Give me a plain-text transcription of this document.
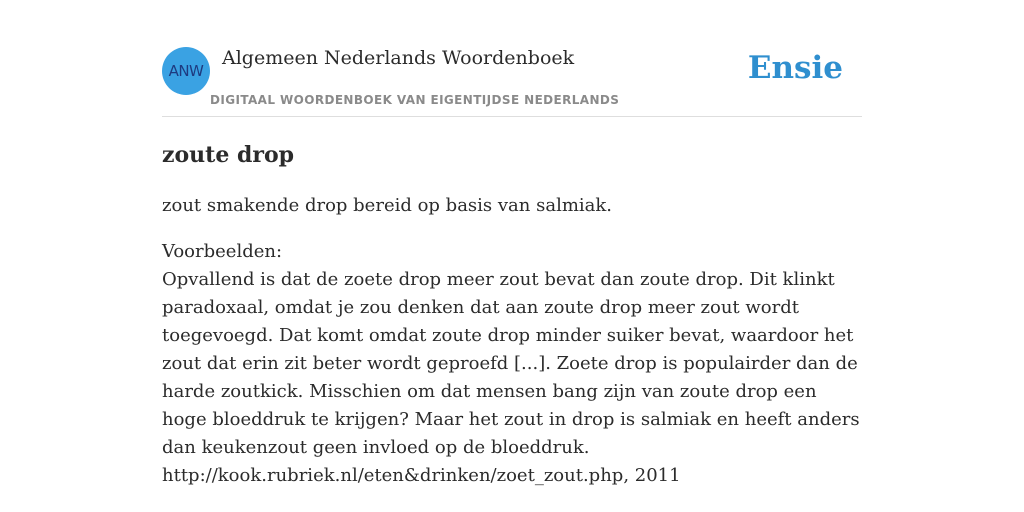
ANW
Algemeen Nederlands Woordenboek
DIGITAAL WOORDENBOEK VAN EIGENTIJDSE NEDERLANDS
Ensie
zoute drop

zout smakende drop bereid op basis van salmiak.

Voorbeelden:
Opvallend is dat de zoete drop meer zout bevat dan zoute drop. Dit klinkt paradoxaal, omdat je zou denken dat aan zoute drop meer zout wordt toegevoegd. Dat komt omdat zoute drop minder suiker bevat, waardoor het zout dat erin zit beter wordt geproefd [...]. Zoete drop is populairder dan de harde zoutkick. Misschien om dat mensen bang zijn van zoute drop een hoge bloeddruk te krijgen? Maar het zout in drop is salmiak en heeft anders dan keukenzout geen invloed op de bloeddruk.
http://kook.rubriek.nl/eten&drinken/zoet_zout.php, 2011
